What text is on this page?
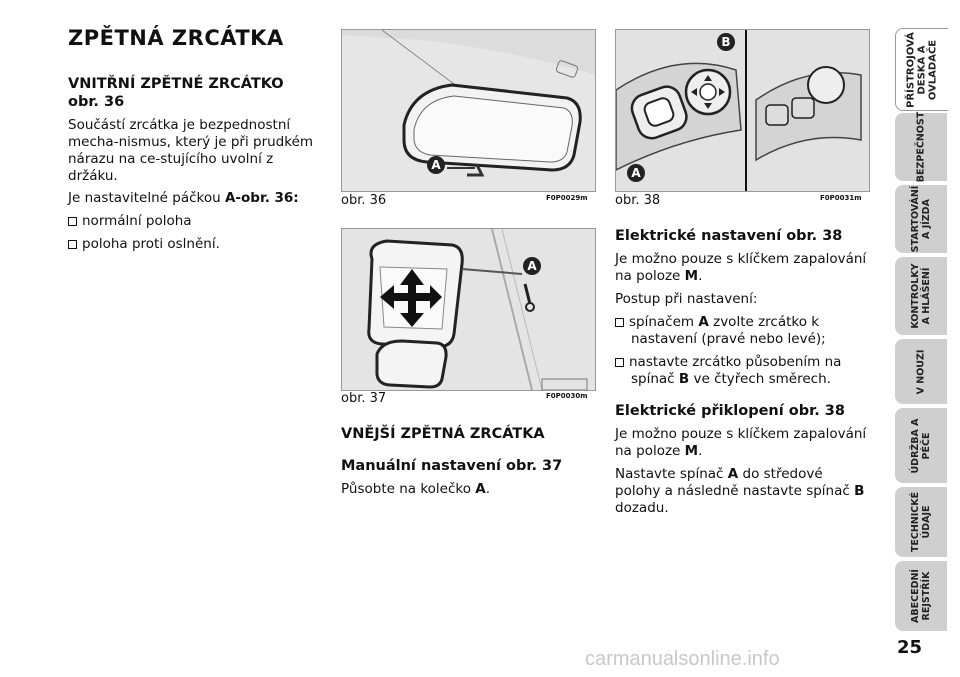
ZPĚTNÁ ZRCÁTKA
VNITŘNÍ ZPĚTNÉ ZRCÁTKO
obr. 36
Součástí zrcátka je bezpednostní mecha-nismus, který je při prudkém nárazu na ce-stujícího uvolní z držáku.
Je nastavitelné páčkou A-obr. 36:
normální poloha
poloha proti oslnění.
A
obr. 36	F0P0029m
A
obr. 37	F0P0030m
VNĚJŠÍ ZPĚTNÁ ZRCÁTKA
Manuální nastavení obr. 37
Působte na kolečko A.
A
B
obr. 38	F0P0031m
Elektrické nastavení obr. 38
Je možno pouze s klíčkem zapalování na poloze M.
Postup při nastavení:
spínačem A zvolte zrcátko k nastavení (pravé nebo levé);
nastavte zrcátko působením na spínač B ve čtyřech směrech.
Elektrické přiklopení obr. 38
Je možno pouze s klíčkem zapalování na poloze M.
Nastavte spínač A do středové polohy a následně nastavte spínač B dozadu.
PŘÍSTROJOVÁ DESKA A OVLADAČE
BEZPEČNOST
STARTOVÁNÍ A JÍZDA
KONTROLKY A HLÁŠENÍ
V NOUZI
ÚDRŽBA A PÉČE
TECHNICKÉ ÚDAJE
ABECEDNÍ REJSTŘÍK
25
carmanualsonline.info
